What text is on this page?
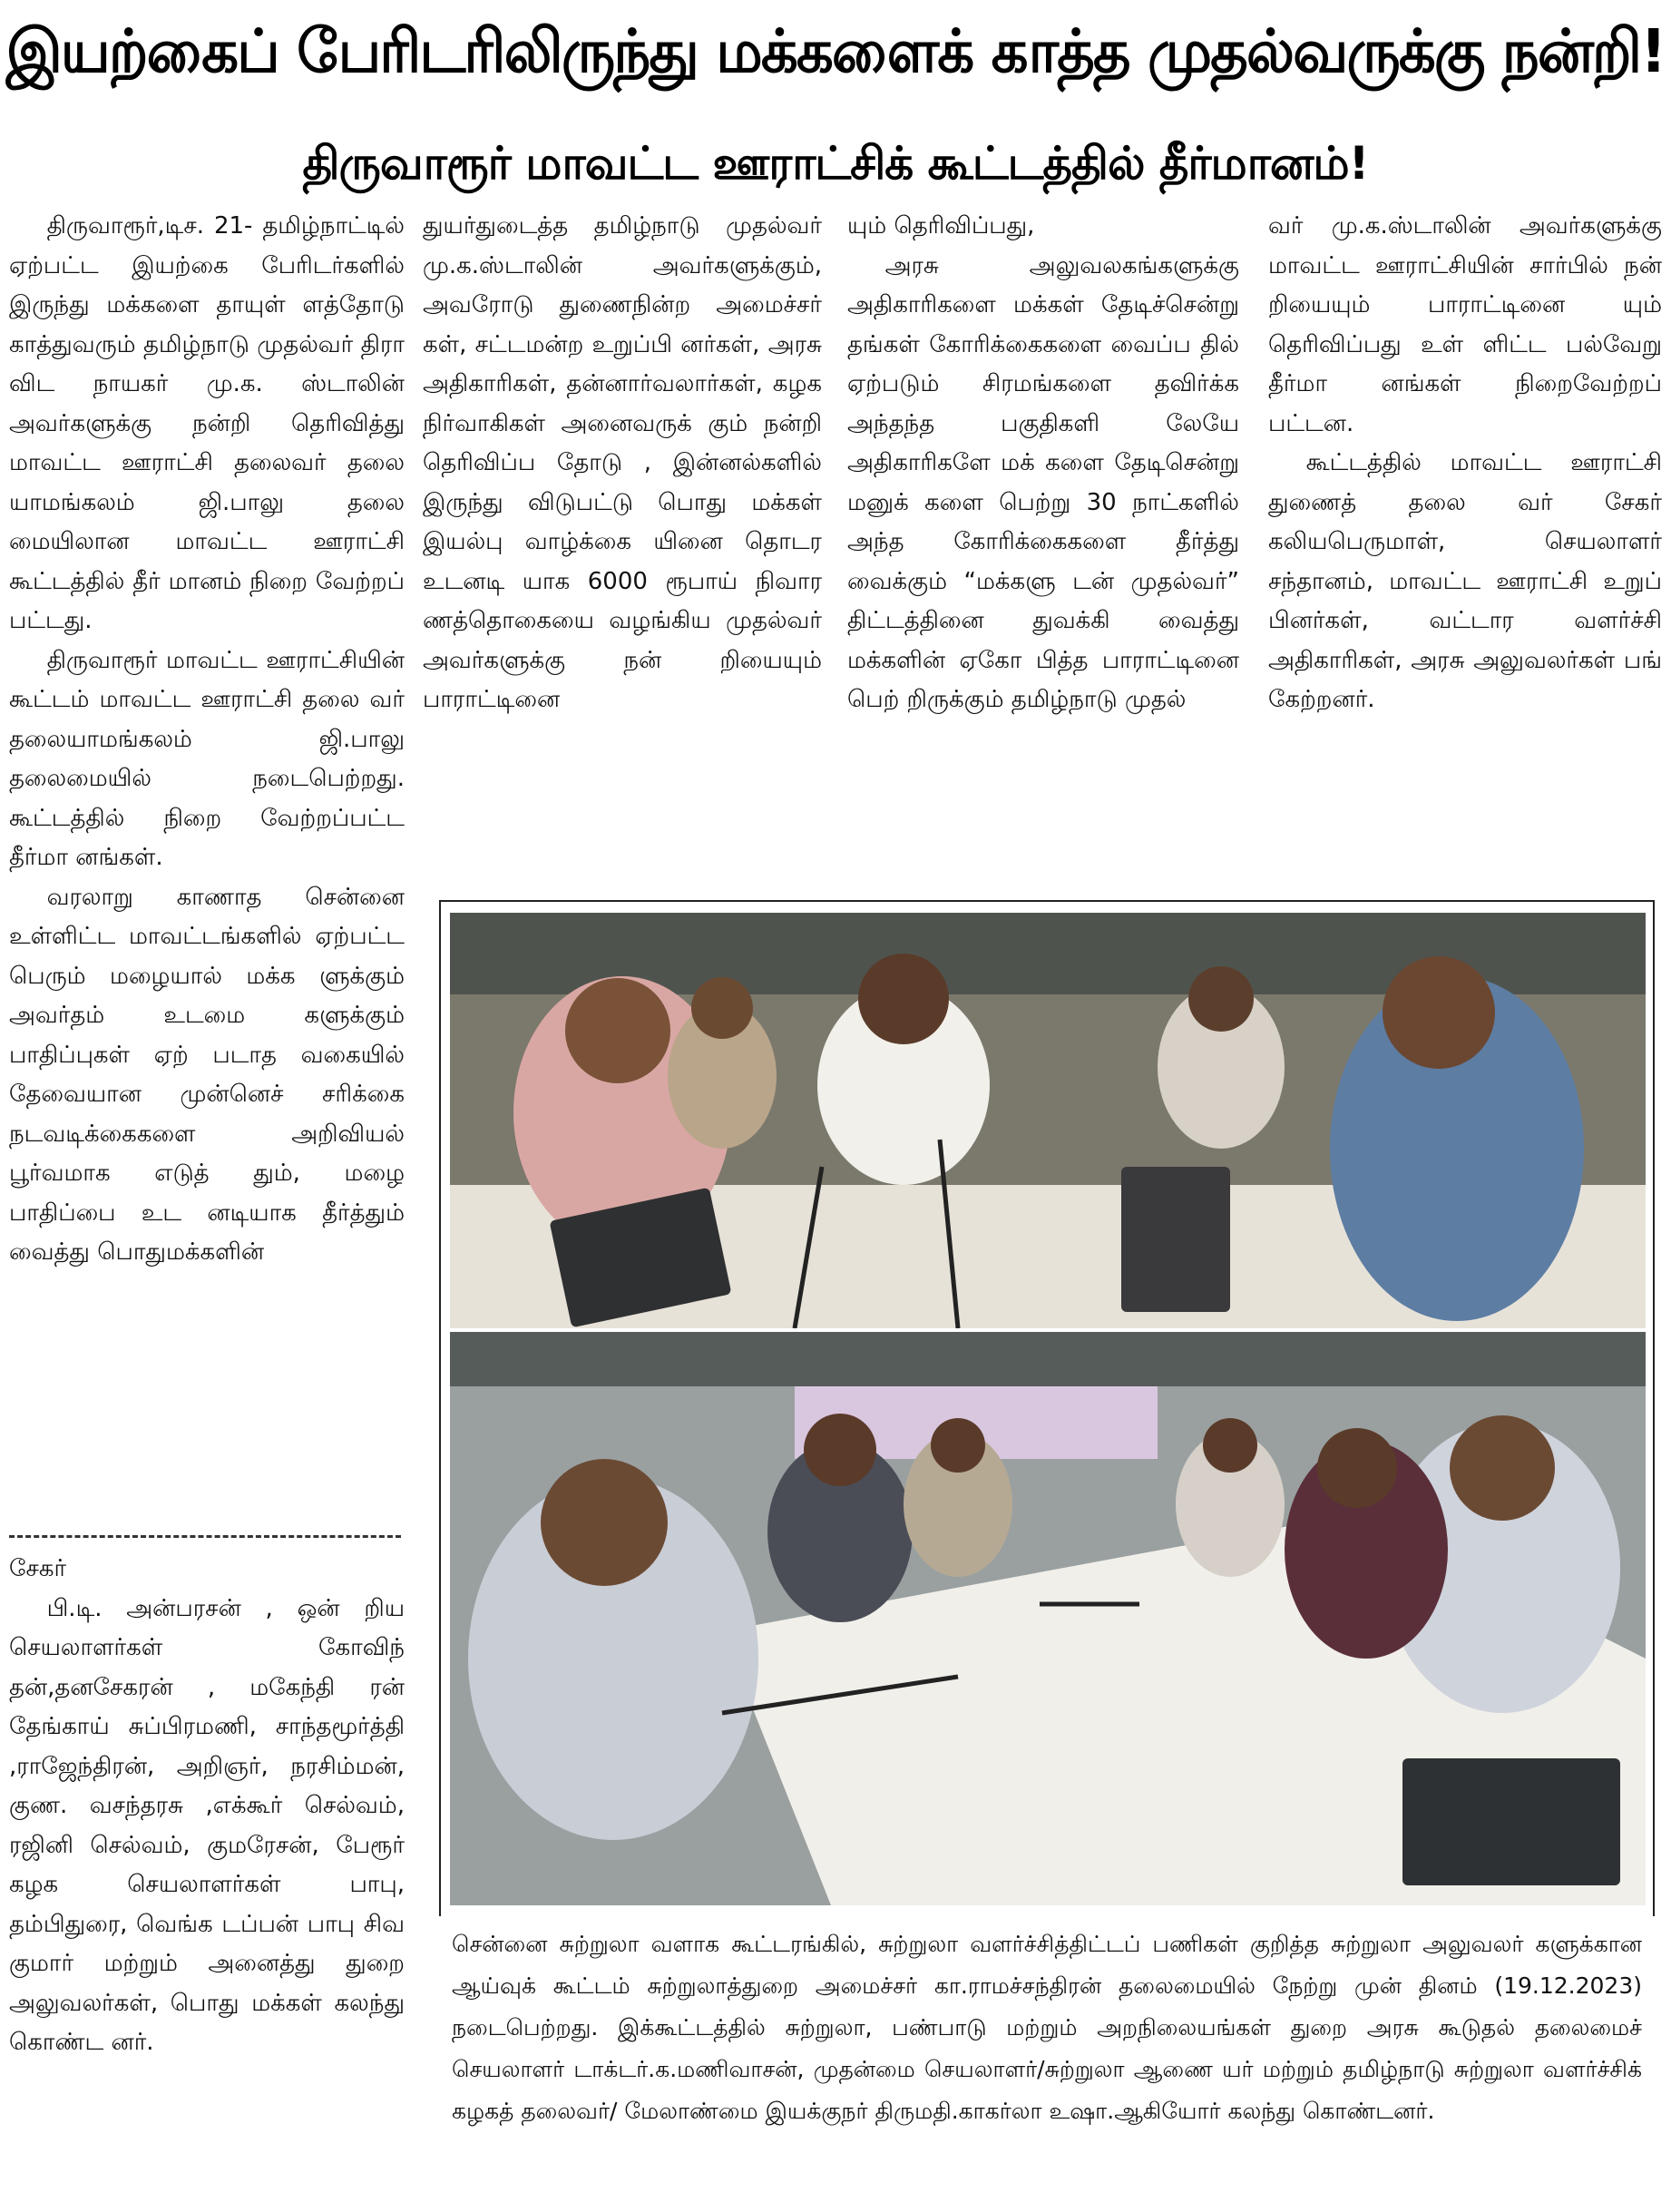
இயற்கைப் பேரிடரிலிருந்து மக்களைக் காத்த முதல்வருக்கு நன்றி!
திருவாரூர் மாவட்ட ஊராட்சிக் கூட்டத்தில் தீர்மானம்!

திருவாரூர்,டிச. 21- தமிழ்நாட்டில் ஏற்பட்ட இயற்கை பேரிடர்களில் இருந்து மக்களை தாயுள் ளத்தோடு காத்துவரும் தமிழ்நாடு முதல்வர் திரா விட நாயகர் மு.க. ஸ்டாலின் அவர்களுக்கு நன்றி தெரிவித்து மாவட்ட ஊராட்சி தலைவர் தலை யாமங்கலம் ஜி.பாலு தலை மையிலான மாவட்ட ஊராட்சி கூட்டத்தில் தீர் மானம் நிறை வேற்றப் பட்டது.

திருவாரூர் மாவட்ட ஊராட்சியின் கூட்டம் மாவட்ட ஊராட்சி தலை வர் தலையாமங்கலம் ஜி.பாலு தலைமையில் நடைபெற்றது. கூட்டத்தில் நிறை வேற்றப்பட்ட தீர்மா னங்கள்.

வரலாறு காணாத சென்னை உள்ளிட்ட மாவட்டங்களில் ஏற்பட்ட பெரும் மழையால் மக்க ளுக்கும் அவர்தம் உடமை களுக்கும் பாதிப்புகள் ஏற் படாத வகையில் தேவையான முன்னெச் சரிக்கை நடவடிக்கைகளை அறிவியல் பூர்வமாக எடுத் தும், மழை பாதிப்பை உட னடியாக தீர்த்தும் வைத்து பொதுமக்களின்

துயர்துடைத்த தமிழ்நாடு முதல்வர் மு.க.ஸ்டாலின் அவர்களுக்கும், அவரோடு துணைநின்ற அமைச்சர் கள், சட்டமன்ற உறுப்பி னர்கள், அரசு அதிகாரிகள், தன்னார்வலார்கள், கழக நிர்வாகிகள் அனைவருக் கும் நன்றி தெரிவிப்ப தோடு , இன்னல்களில் இருந்து விடுபட்டு பொது மக்கள் இயல்பு வாழ்க்கை யினை தொடர உடனடி யாக 6000 ரூபாய் நிவார ணத்தொகையை வழங்கிய முதல்வர் அவர்களுக்கு நன் றியையும் பாராட்டினை

யும் தெரிவிப்பது,

அரசு அலுவலகங்களுக்கு அதிகாரிகளை மக்கள் தேடிச்சென்று தங்கள் கோரிக்கைகளை வைப்ப தில் ஏற்படும் சிரமங்களை தவிர்க்க அந்தந்த பகுதிகளி லேயே அதிகாரிகளே மக் களை தேடிசென்று மனுக் களை பெற்று 30 நாட்களில் அந்த கோரிக்கைகளை தீர்த்து வைக்கும் “மக்களு டன் முதல்வர்” திட்டத்தினை துவக்கி வைத்து மக்களின் ஏகோ பித்த பாராட்டினை பெற் றிருக்கும் தமிழ்நாடு முதல்

வர் மு.க.ஸ்டாலின் அவர்களுக்கு மாவட்ட ஊராட்சியின் சார்பில் நன் றியையும் பாராட்டினை யும் தெரிவிப்பது உள் ளிட்ட பல்வேறு தீர்மா னங்கள் நிறைவேற்றப் பட்டன.

கூட்டத்தில் மாவட்ட ஊராட்சி துணைத் தலை வர் சேகர் கலியபெருமாள், செயலாளர் சந்தானம், மாவட்ட ஊராட்சி உறுப் பினர்கள், வட்டார வளர்ச்சி அதிகாரிகள், அரசு அலுவலர்கள் பங் கேற்றனர்.

சேகர்

பி.டி. அன்பரசன் , ஒன் றிய செயலாளர்கள் கோவிந் தன்,தனசேகரன் , மகேந்தி ரன் தேங்காய் சுப்பிரமணி, சாந்தமூர்த்தி ,ராஜேந்திரன், அறிஞர், நரசிம்மன், குண. வசந்தரசு ,எக்கூர் செல்வம், ரஜினி செல்வம், குமரேசன், பேரூர் கழக செயலாளர்கள் பாபு, தம்பிதுரை, வெங்க டப்பன் பாபு சிவ குமார் மற்றும் அனைத்து துறை அலுவலர்கள், பொது மக்கள் கலந்து கொண்ட னர்.

சென்னை சுற்றுலா வளாக கூட்டரங்கில், சுற்றுலா வளர்ச்சித்திட்டப் பணிகள் குறித்த சுற்றுலா அலுவலர் களுக்கான ஆய்வுக் கூட்டம் சுற்றுலாத்துறை அமைச்சர் கா.ராமச்சந்திரன் தலைமையில் நேற்று முன் தினம் (19.12.2023) நடைபெற்றது. இக்கூட்டத்தில் சுற்றுலா, பண்பாடு மற்றும் அறநிலையங்கள் துறை அரசு கூடுதல் தலைமைச் செயலாளர் டாக்டர்.க.மணிவாசன், முதன்மை செயலாளர்/சுற்றுலா ஆணை யர் மற்றும் தமிழ்நாடு சுற்றுலா வளர்ச்சிக் கழகத் தலைவர்/ மேலாண்மை இயக்குநர் திருமதி.காகர்லா உஷா.ஆகியோர் கலந்து கொண்டனர்.
